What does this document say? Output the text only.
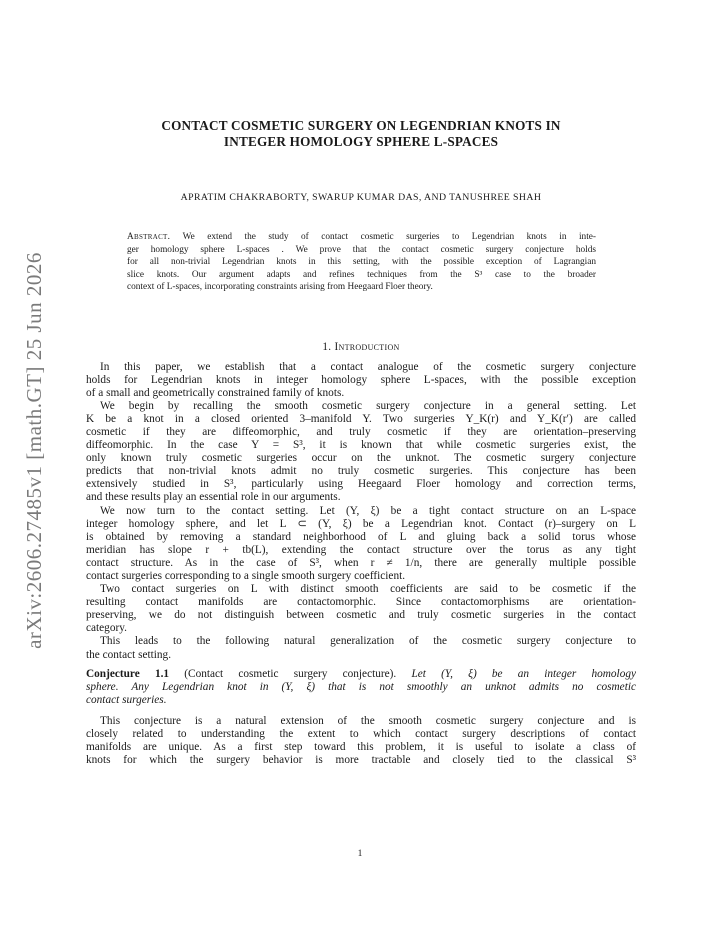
arXiv:2606.27485v1 [math.GT] 25 Jun 2026
CONTACT COSMETIC SURGERY ON LEGENDRIAN KNOTS IN
INTEGER HOMOLOGY SPHERE L-SPACES
APRATIM CHAKRABORTY, SWARUP KUMAR DAS, AND TANUSHREE SHAH
Abstract. We extend the study of contact cosmetic surgeries to Legendrian knots in inte-
ger homology sphere L-spaces . We prove that the contact cosmetic surgery conjecture holds
for all non-trivial Legendrian knots in this setting, with the possible exception of Lagrangian
slice knots. Our argument adapts and refines techniques from the S³ case to the broader
context of L-spaces, incorporating constraints arising from Heegaard Floer theory.
1. Introduction
In this paper, we establish that a contact analogue of the cosmetic surgery conjecture
holds for Legendrian knots in integer homology sphere L-spaces, with the possible exception
of a small and geometrically constrained family of knots.
We begin by recalling the smooth cosmetic surgery conjecture in a general setting. Let
K be a knot in a closed oriented 3–manifold Y. Two surgeries Y_K(r) and Y_K(r′) are called
cosmetic if they are diffeomorphic, and truly cosmetic if they are orientation–preserving
diffeomorphic. In the case Y = S³, it is known that while cosmetic surgeries exist, the
only known truly cosmetic surgeries occur on the unknot. The cosmetic surgery conjecture
predicts that non-trivial knots admit no truly cosmetic surgeries. This conjecture has been
extensively studied in S³, particularly using Heegaard Floer homology and correction terms,
and these results play an essential role in our arguments.
We now turn to the contact setting. Let (Y, ξ) be a tight contact structure on an L-space
integer homology sphere, and let L ⊂ (Y, ξ) be a Legendrian knot. Contact (r)–surgery on L
is obtained by removing a standard neighborhood of L and gluing back a solid torus whose
meridian has slope r + tb(L), extending the contact structure over the torus as any tight
contact structure. As in the case of S³, when r ≠ 1/n, there are generally multiple possible
contact surgeries corresponding to a single smooth surgery coefficient.
Two contact surgeries on L with distinct smooth coefficients are said to be cosmetic if the
resulting contact manifolds are contactomorphic. Since contactomorphisms are orientation-
preserving, we do not distinguish between cosmetic and truly cosmetic surgeries in the contact
category.
This leads to the following natural generalization of the cosmetic surgery conjecture to
the contact setting.
Conjecture 1.1 (Contact cosmetic surgery conjecture). Let (Y, ξ) be an integer homology
sphere. Any Legendrian knot in (Y, ξ) that is not smoothly an unknot admits no cosmetic
contact surgeries.
This conjecture is a natural extension of the smooth cosmetic surgery conjecture and is
closely related to understanding the extent to which contact surgery descriptions of contact
manifolds are unique. As a first step toward this problem, it is useful to isolate a class of
knots for which the surgery behavior is more tractable and closely tied to the classical S³
1
